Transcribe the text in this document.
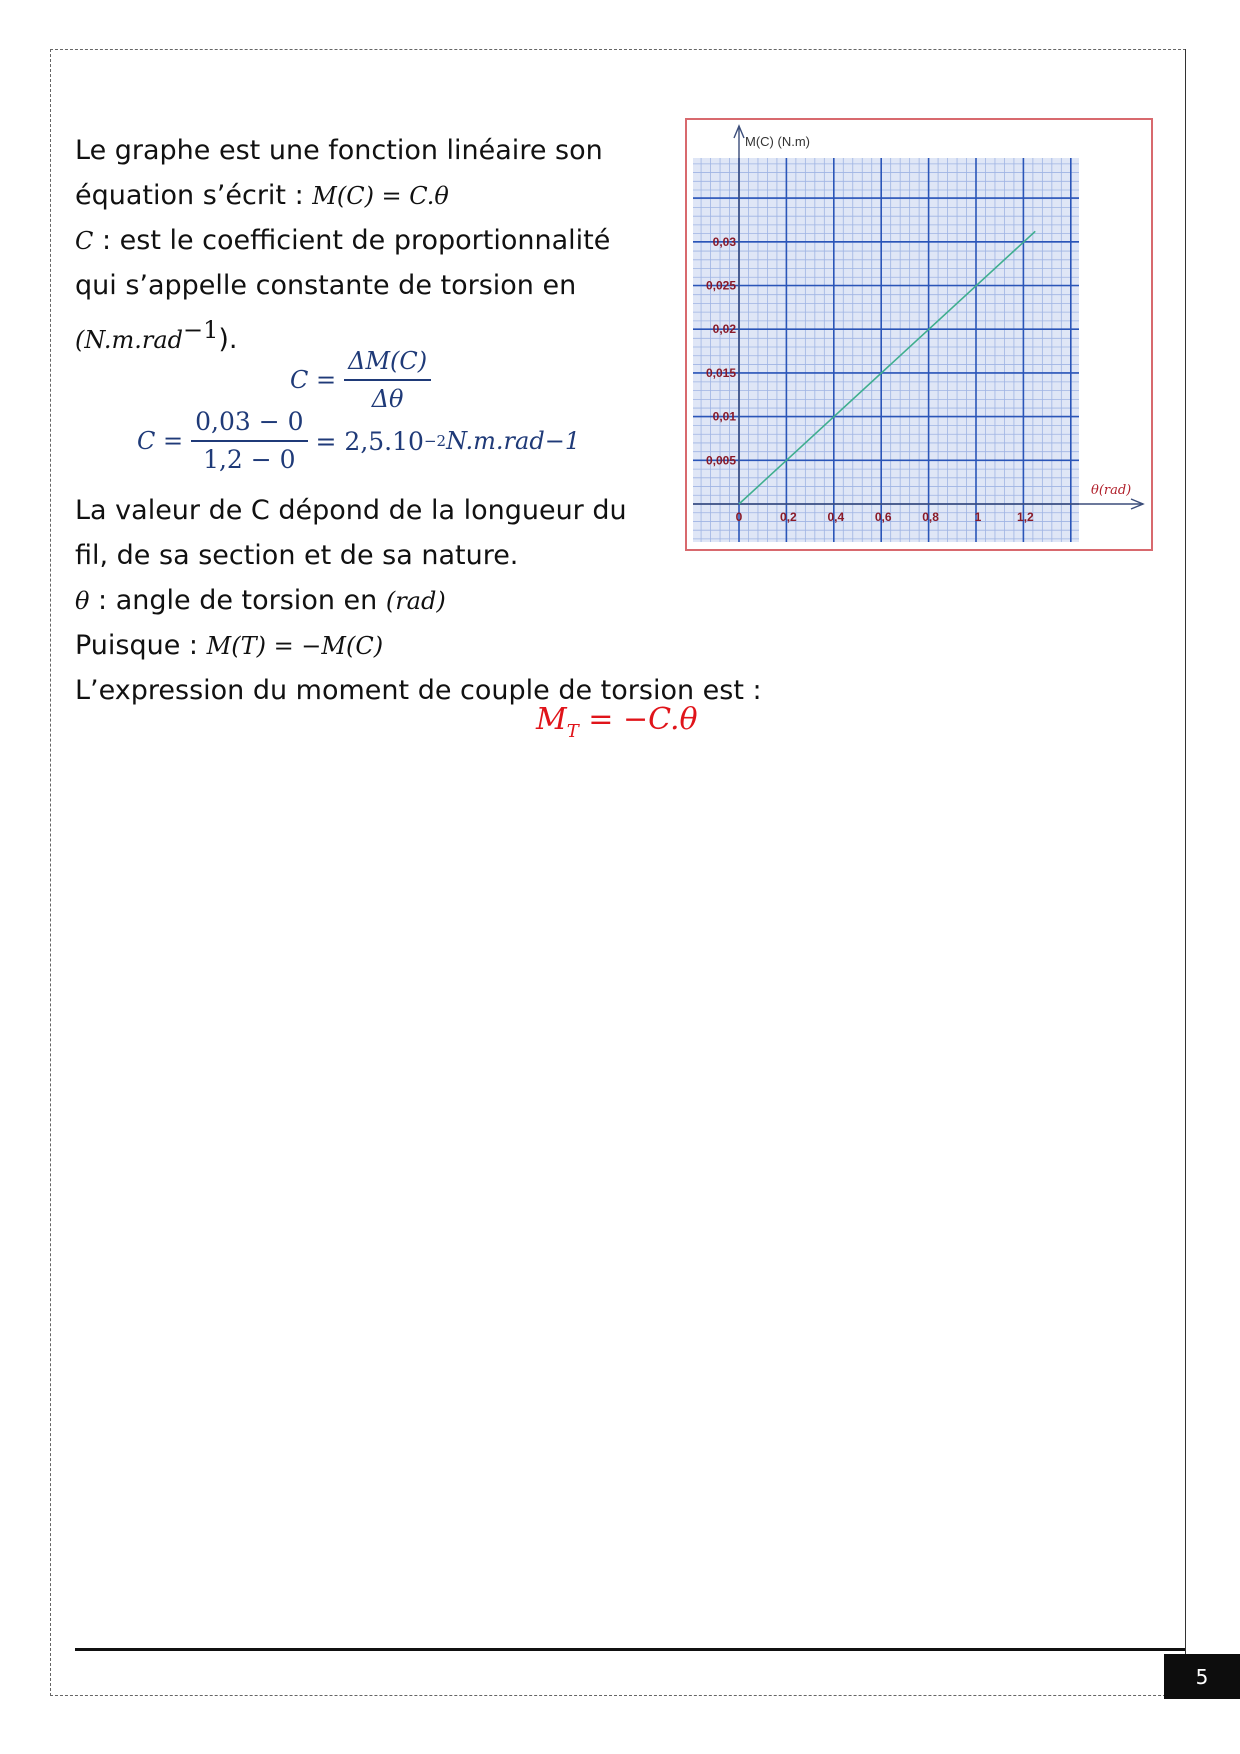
Le graphe est une fonction linéaire son
équation s’écrit : M(C) = C.θ
C : est le coefficient de proportionnalité
qui s’appelle constante de torsion en
(N.m.rad$^{-1}$).
$C = \frac{\Delta M(C)}{\Delta\theta}$
$C = \frac{0,03 - 0}{1,2 - 0} = 2,5.10 -2$ N.m.rad −1
La valeur de C dépond de la longueur du
fil, de sa section et de sa nature.
θ : angle de torsion en (rad)
Puisque : M(T) = −M(C)
L’expression du moment de couple de torsion est :
$M_T = -C.\theta$
0,005
0,01
0,015
0,02
0,025
0,03
0	0,2	0,4	0,6	0,8	1	1,2
M(C) (N.m)
θ(rad)
5
